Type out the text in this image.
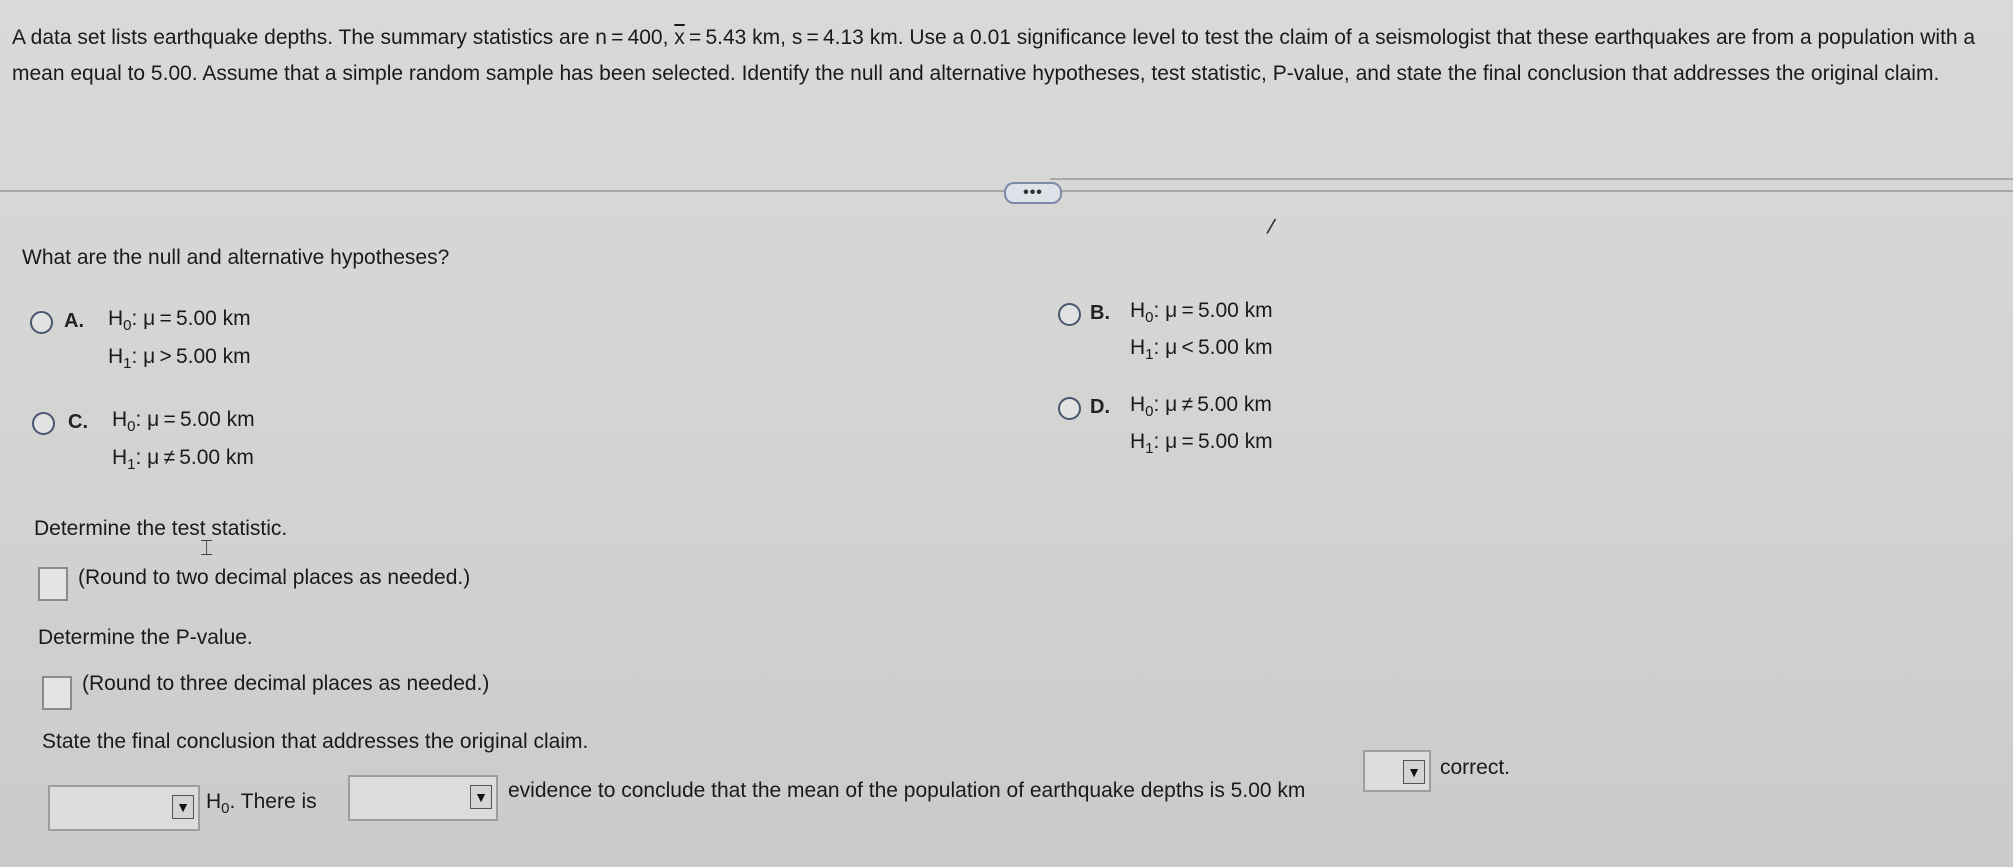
A data set lists earthquake depths. The summary statistics are n = 400, $\overline{x} = 5.43$ km, s = 4.13 km. Use a 0.01 significance level to test the claim of a seismologist that these earthquakes are from a population with a mean equal to 5.00. Assume that a simple random sample has been selected. Identify the null and alternative hypotheses, test statistic, P-value, and state the final conclusion that addresses the original claim.
•••
/
What are the null and alternative hypotheses?
A. $H_0$: μ = 5.00 km
$H_1$: μ > 5.00 km
B. $H_0$: μ = 5.00 km
$H_1$: μ < 5.00 km
C. $H_0$: μ = 5.00 km
$H_1$: μ ≠ 5.00 km
D. $H_0$: μ ≠ 5.00 km
$H_1$: μ = 5.00 km
Determine the test statistic.
⌶
(Round to two decimal places as needed.)
Determine the P-value.
(Round to three decimal places as needed.)
State the final conclusion that addresses the original claim.
▼ $H_0$. There is	▼ evidence to conclude that the mean of the population of earthquake depths is 5.00 km
▼ correct.
